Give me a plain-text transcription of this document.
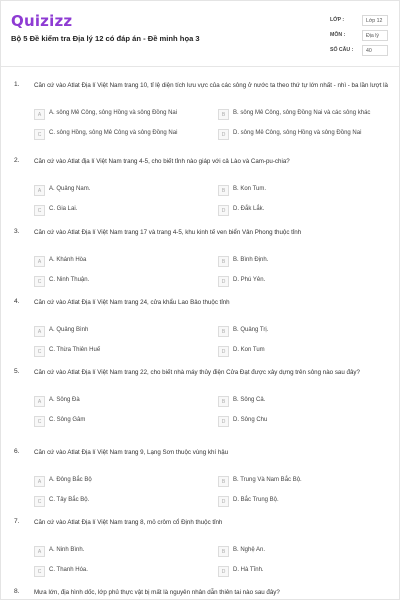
Quizizz
Bộ 5 Đề kiểm tra Địa lý 12 có đáp án - Đề minh họa 3
LỚP :	Lớp 12
MÔN :	Địa lý
SỐ CÂU :	40
1. Căn cứ vào Atlat Địa lí Việt Nam trang 10, tỉ lệ diện tích lưu vực của các sông ở nước ta theo thứ tự lớn nhất - nhì - ba lần lượt là
A	A. sông Mê Công, sông Hồng và sông Đồng Nai	B	B. sông Mê Công, sông Đồng Nai và các sông khác
C	C. sông Hồng, sông Mê Công và sông Đồng Nai	D	D. sông Mê Công, sông Hồng và sông Đồng Nai
2. Căn cứ vào Atlat địa lí Việt Nam trang 4-5, cho biết tỉnh nào giáp với cả Lào và Cam-pu-chia?
A	A. Quảng Nam.	B	B. Kon Tum.
C	C. Gia Lai.	D	D. Đắk Lắk.
3. Căn cứ vào Atlat Địa lí Việt Nam trang 17 và trang 4-5, khu kinh tế ven biển Vân Phong thuộc tỉnh
A	A. Khánh Hòa	B	B. Bình Định.
C	C. Ninh Thuận.	D	D. Phú Yên.
4. Căn cứ vào Atlat Địa lí Việt Nam trang 24, cửa khẩu Lao Bảo thuộc tỉnh
A	A. Quảng Bình	B	B. Quảng Trị.
C	C. Thừa Thiên Huế	D	D. Kon Tum
5. Căn cứ vào Atlat Địa lí Việt Nam trang 22, cho biết nhà máy thủy điện Cửa Đạt được xây dựng trên sông nào sau đây?
A	A. Sông Đà	B	B. Sông Cả.
C	C. Sông Gâm	D	D. Sông Chu
6. Căn cứ vào Atlat Địa lí Việt Nam trang 9, Lạng Sơn thuộc vùng khí hậu
A	A. Đông Bắc Bộ	B	B. Trung Và Nam Bắc Bộ.
C	C. Tây Bắc Bộ.	D	D. Bắc Trung Bộ.
7. Căn cứ vào Atlat Địa lí Việt Nam trang 8, mỏ crôm cổ Định thuộc tỉnh
A	A. Ninh Bình.	B	B. Nghệ An.
C	C. Thanh Hóa.	D	D. Hà Tĩnh.
8. Mưa lớn, địa hình dốc, lớp phủ thực vật bị mất là nguyên nhân dẫn thiên tai nào sau đây?
